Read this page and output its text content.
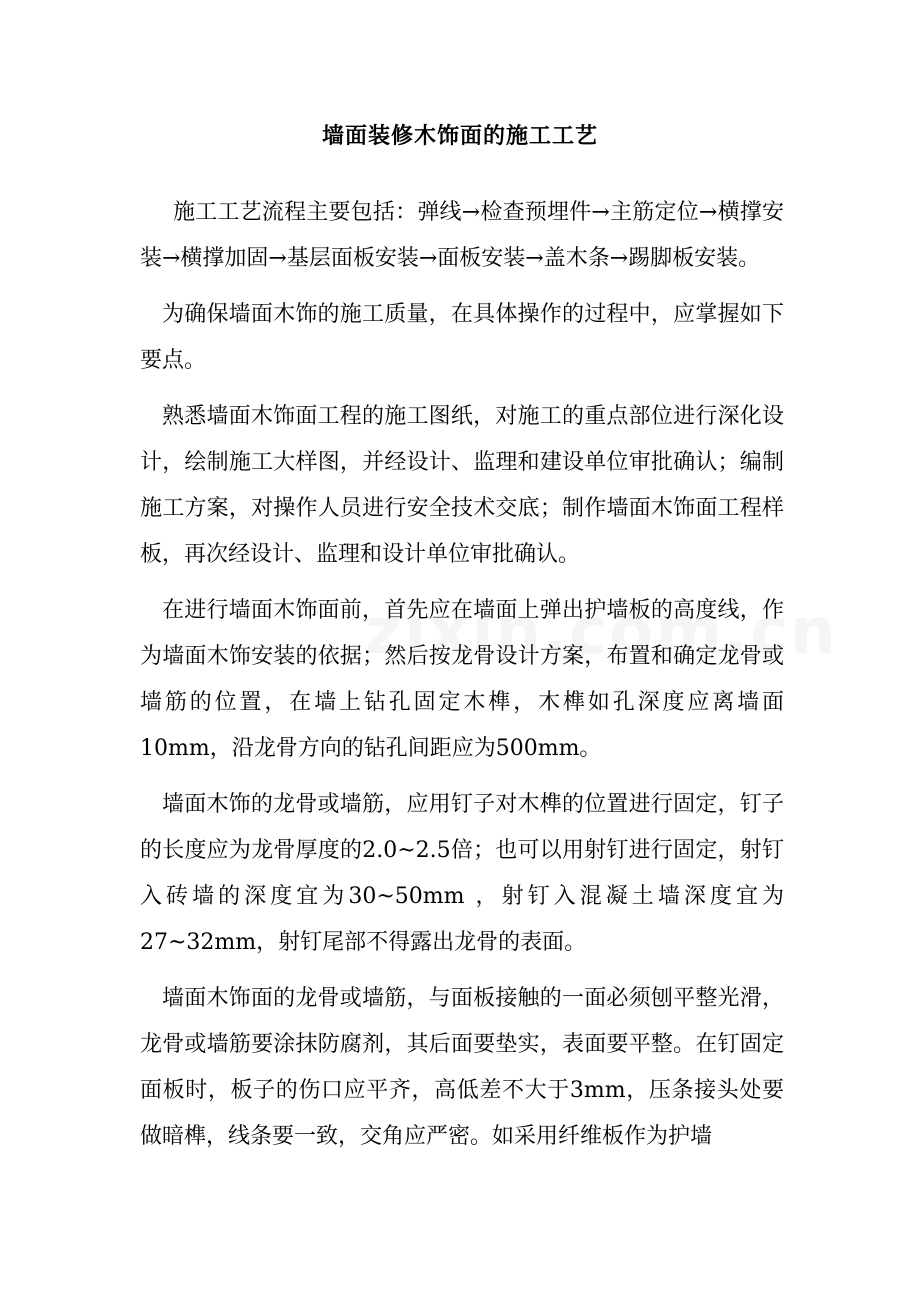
墙面装修木饰面的施工工艺

施工工艺流程主要包括：弹线→检查预埋件→主筋定位→横撑安装→横撑加固→基层面板安装→面板安装→盖木条→踢脚板安装。

为确保墙面木饰的施工质量，在具体操作的过程中，应掌握如下要点。

熟悉墙面木饰面工程的施工图纸，对施工的重点部位进行深化设计，绘制施工大样图，并经设计、监理和建设单位审批确认；编制施工方案，对操作人员进行安全技术交底；制作墙面木饰面工程样板，再次经设计、监理和设计单位审批确认。

在进行墙面木饰面前，首先应在墙面上弹出护墙板的高度线，作为墙面木饰安装的依据；然后按龙骨设计方案，布置和确定龙骨或墙筋的位置，在墙上钻孔固定木榫，木榫如孔深度应离墙面10mm，沿龙骨方向的钻孔间距应为500mm。

墙面木饰的龙骨或墙筋，应用钉子对木榫的位置进行固定，钉子的长度应为龙骨厚度的2.0~2.5倍；也可以用射钉进行固定，射钉入砖墙的深度宜为30~50mm ，射钉入混凝土墙深度宜为27~32mm，射钉尾部不得露出龙骨的表面。

墙面木饰面的龙骨或墙筋，与面板接触的一面必须刨平整光滑，龙骨或墙筋要涂抹防腐剂，其后面要垫实，表面要平整。在钉固定面板时，板子的伤口应平齐，高低差不大于3mm，压条接头处要做暗榫，线条要一致，交角应严密。如采用纤维板作为护墙
